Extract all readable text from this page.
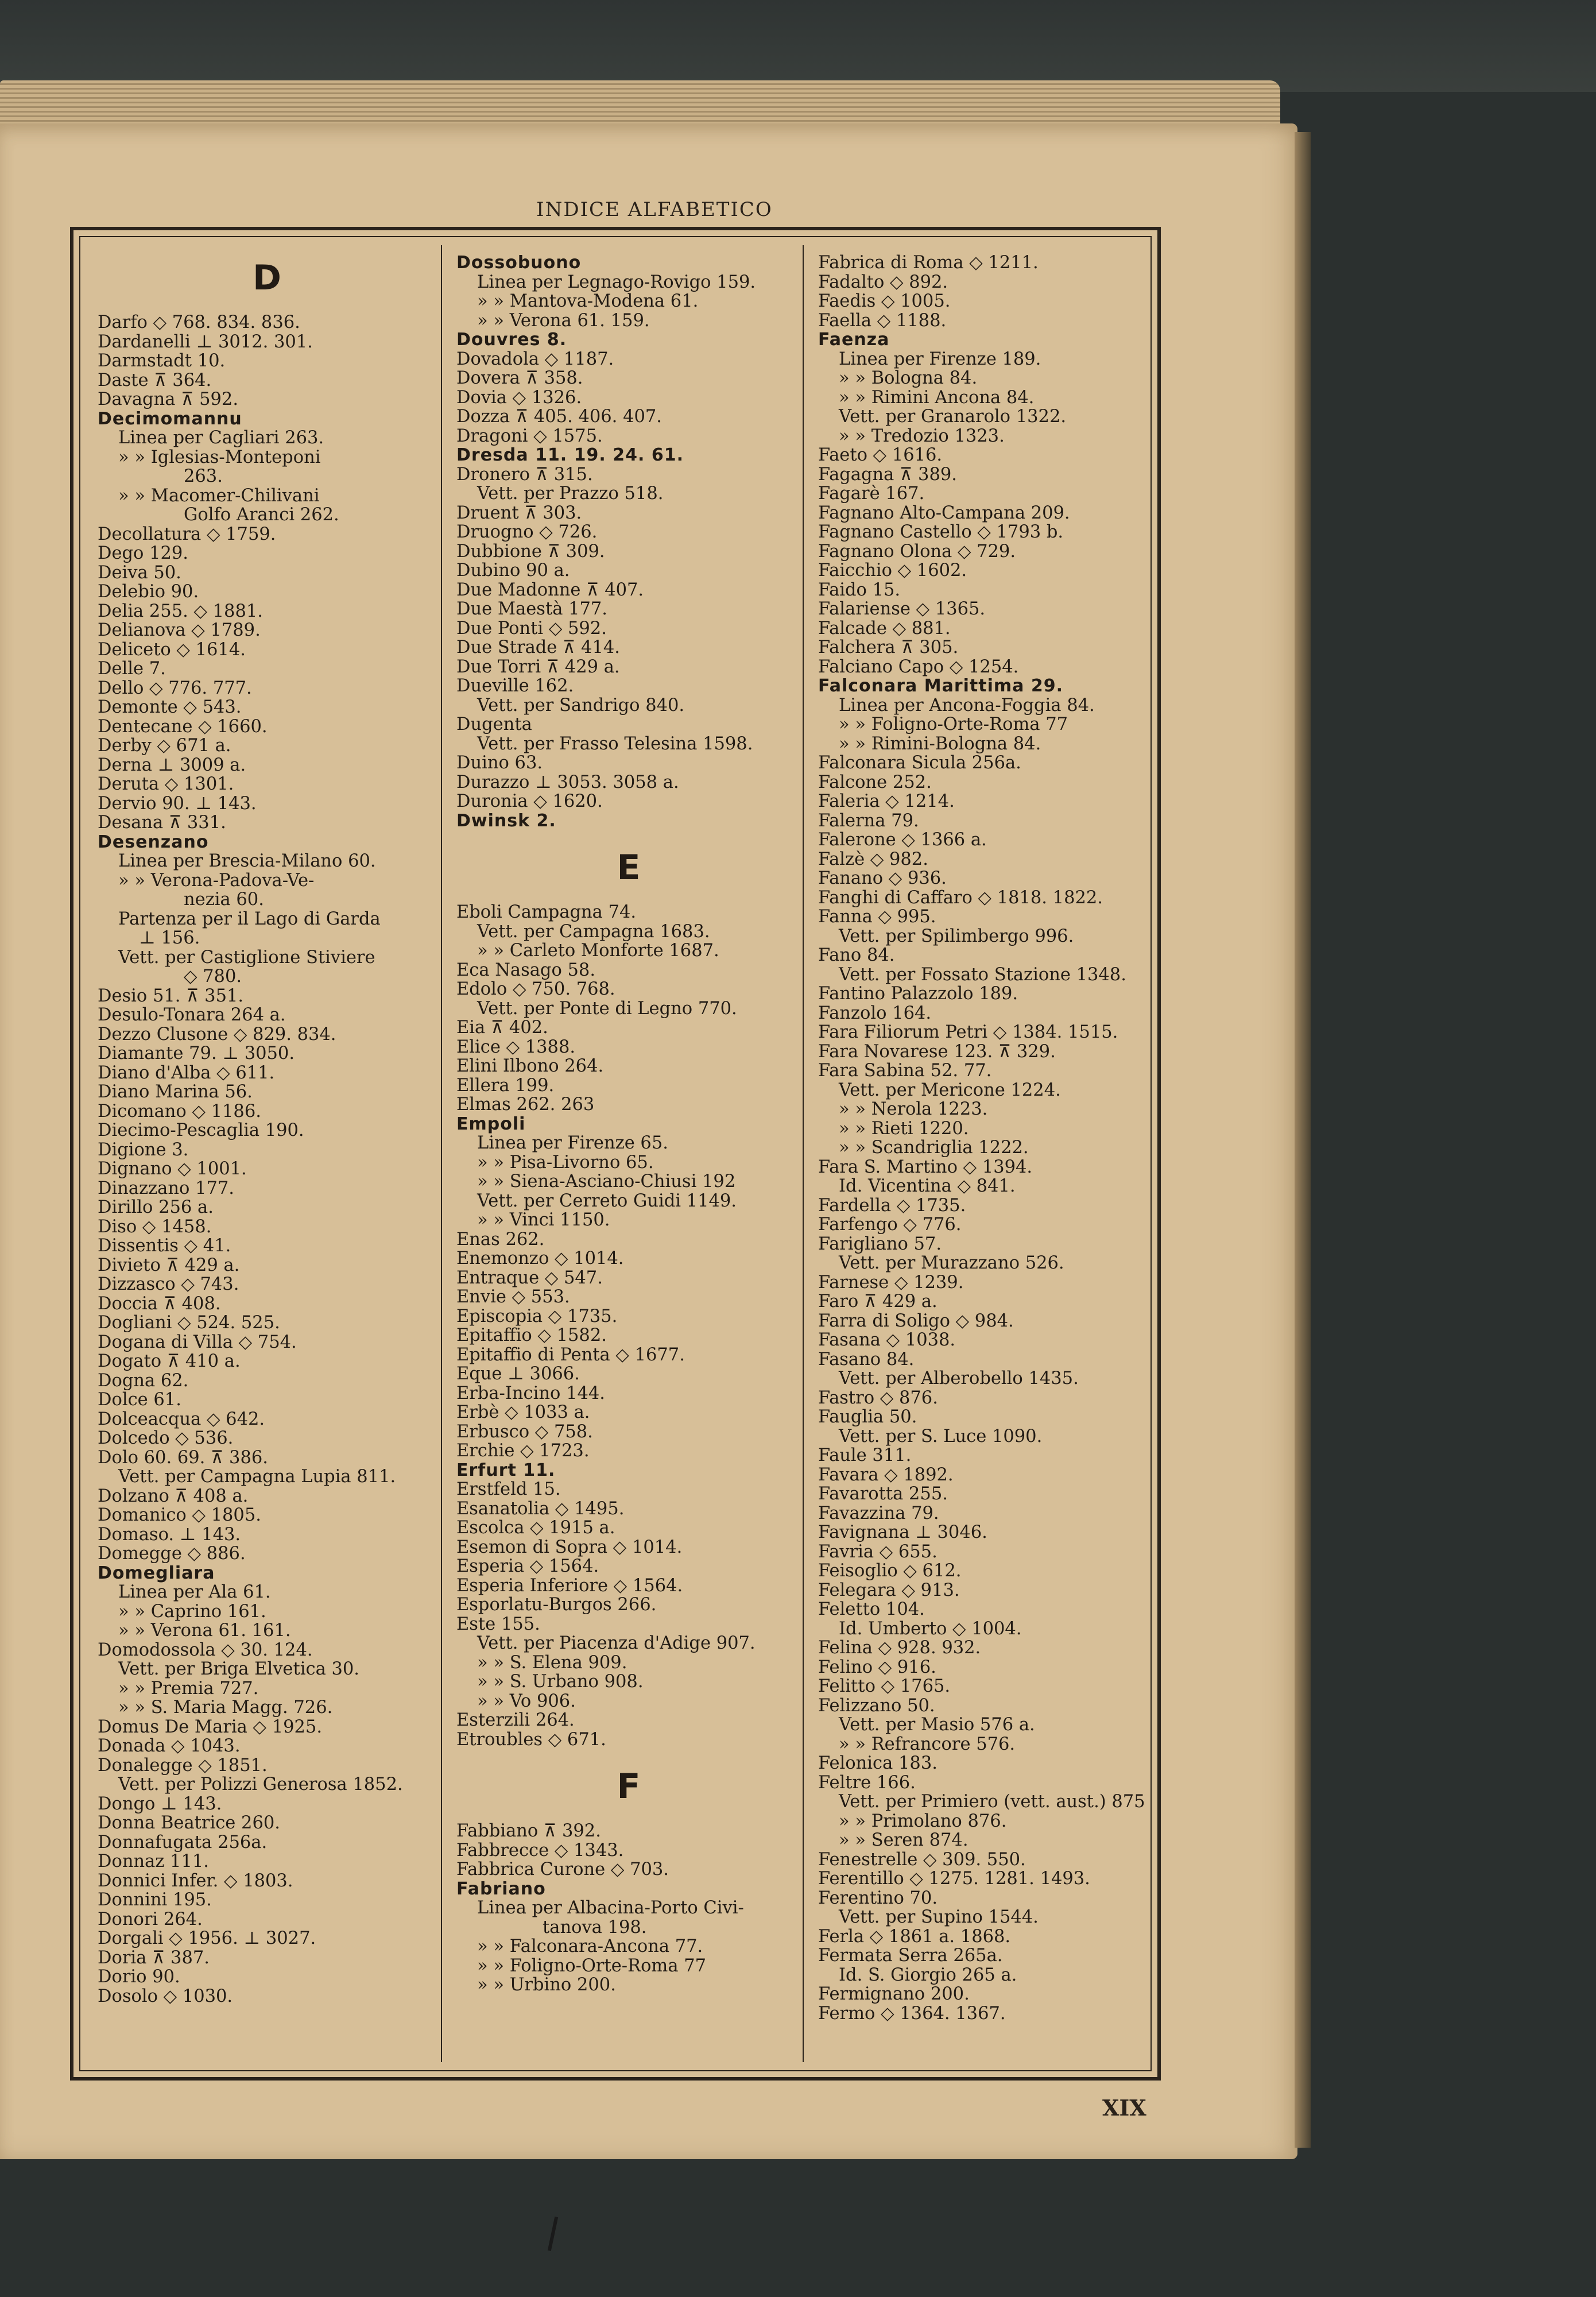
INDICE ALFABETICO
D
Darfo ◇ 768. 834. 836.
Dardanelli ⊥ 3012. 301.
Darmstadt 10.
Daste ⊼ 364.
Davagna ⊼ 592.
Decimomannu
Linea per Cagliari 263.
» » Iglesias-Monteponi
263.
» » Macomer-Chilivani
Golfo Aranci 262.
Decollatura ◇ 1759.
Dego 129.
Deiva 50.
Delebio 90.
Delia 255. ◇ 1881.
Delianova ◇ 1789.
Deliceto ◇ 1614.
Delle 7.
Dello ◇ 776. 777.
Demonte ◇ 543.
Dentecane ◇ 1660.
Derby ◇ 671 a.
Derna ⊥ 3009 a.
Deruta ◇ 1301.
Dervio 90. ⊥ 143.
Desana ⊼ 331.
Desenzano
Linea per Brescia-Milano 60.
» » Verona-Padova-Ve-
nezia 60.
Partenza per il Lago di Garda
⊥ 156.
Vett. per Castiglione Stiviere
◇ 780.
Desio 51. ⊼ 351.
Desulo-Tonara 264 a.
Dezzo Clusone ◇ 829. 834.
Diamante 79. ⊥ 3050.
Diano d'Alba ◇ 611.
Diano Marina 56.
Dicomano ◇ 1186.
Diecimo-Pescaglia 190.
Digione 3.
Dignano ◇ 1001.
Dinazzano 177.
Dirillo 256 a.
Diso ◇ 1458.
Dissentis ◇ 41.
Divieto ⊼ 429 a.
Dizzasco ◇ 743.
Doccia ⊼ 408.
Dogliani ◇ 524. 525.
Dogana di Villa ◇ 754.
Dogato ⊼ 410 a.
Dogna 62.
Dolce 61.
Dolceacqua ◇ 642.
Dolcedo ◇ 536.
Dolo 60. 69. ⊼ 386.
Vett. per Campagna Lupia 811.
Dolzano ⊼ 408 a.
Domanico ◇ 1805.
Domaso. ⊥ 143.
Domegge ◇ 886.
Domegliara
Linea per Ala 61.
» » Caprino 161.
» » Verona 61. 161.
Domodossola ◇ 30. 124.
Vett. per Briga Elvetica 30.
» » Premia 727.
» » S. Maria Magg. 726.
Domus De Maria ◇ 1925.
Donada ◇ 1043.
Donalegge ◇ 1851.
Vett. per Polizzi Generosa 1852.
Dongo ⊥ 143.
Donna Beatrice 260.
Donnafugata 256a.
Donnaz 111.
Donnici Infer. ◇ 1803.
Donnini 195.
Donori 264.
Dorgali ◇ 1956. ⊥ 3027.
Doria ⊼ 387.
Dorio 90.
Dosolo ◇ 1030.
Dossobuono
Linea per Legnago-Rovigo 159.
» » Mantova-Modena 61.
» » Verona 61. 159.
Douvres 8.
Dovadola ◇ 1187.
Dovera ⊼ 358.
Dovia ◇ 1326.
Dozza ⊼ 405. 406. 407.
Dragoni ◇ 1575.
Dresda 11. 19. 24. 61.
Dronero ⊼ 315.
Vett. per Prazzo 518.
Druent ⊼ 303.
Druogno ◇ 726.
Dubbione ⊼ 309.
Dubino 90 a.
Due Madonne ⊼ 407.
Due Maestà 177.
Due Ponti ◇ 592.
Due Strade ⊼ 414.
Due Torri ⊼ 429 a.
Dueville 162.
Vett. per Sandrigo 840.
Dugenta
Vett. per Frasso Telesina 1598.
Duino 63.
Durazzo ⊥ 3053. 3058 a.
Duronia ◇ 1620.
Dwinsk 2.
E
Eboli Campagna 74.
Vett. per Campagna 1683.
» » Carleto Monforte 1687.
Eca Nasago 58.
Edolo ◇ 750. 768.
Vett. per Ponte di Legno 770.
Eia ⊼ 402.
Elice ◇ 1388.
Elini Ilbono 264.
Ellera 199.
Elmas 262. 263
Empoli
Linea per Firenze 65.
» » Pisa-Livorno 65.
» » Siena-Asciano-Chiusi 192
Vett. per Cerreto Guidi 1149.
» » Vinci 1150.
Enas 262.
Enemonzo ◇ 1014.
Entraque ◇ 547.
Envie ◇ 553.
Episcopia ◇ 1735.
Epitaffio ◇ 1582.
Epitaffio di Penta ◇ 1677.
Eque ⊥ 3066.
Erba-Incino 144.
Erbè ◇ 1033 a.
Erbusco ◇ 758.
Erchie ◇ 1723.
Erfurt 11.
Erstfeld 15.
Esanatolia ◇ 1495.
Escolca ◇ 1915 a.
Esemon di Sopra ◇ 1014.
Esperia ◇ 1564.
Esperia Inferiore ◇ 1564.
Esporlatu-Burgos 266.
Este 155.
Vett. per Piacenza d'Adige 907.
» » S. Elena 909.
» » S. Urbano 908.
» » Vo 906.
Esterzili 264.
Etroubles ◇ 671.
F
Fabbiano ⊼ 392.
Fabbrecce ◇ 1343.
Fabbrica Curone ◇ 703.
Fabriano
Linea per Albacina-Porto Civi-
tanova 198.
» » Falconara-Ancona 77.
» » Foligno-Orte-Roma 77
» » Urbino 200.
Fabrica di Roma ◇ 1211.
Fadalto ◇ 892.
Faedis ◇ 1005.
Faella ◇ 1188.
Faenza
Linea per Firenze 189.
» » Bologna 84.
» » Rimini Ancona 84.
Vett. per Granarolo 1322.
» » Tredozio 1323.
Faeto ◇ 1616.
Fagagna ⊼ 389.
Fagarè 167.
Fagnano Alto-Campana 209.
Fagnano Castello ◇ 1793 b.
Fagnano Olona ◇ 729.
Faicchio ◇ 1602.
Faido 15.
Falariense ◇ 1365.
Falcade ◇ 881.
Falchera ⊼ 305.
Falciano Capo ◇ 1254.
Falconara Marittima 29.
Linea per Ancona-Foggia 84.
» » Foligno-Orte-Roma 77
» » Rimini-Bologna 84.
Falconara Sicula 256a.
Falcone 252.
Faleria ◇ 1214.
Falerna 79.
Falerone ◇ 1366 a.
Falzè ◇ 982.
Fanano ◇ 936.
Fanghi di Caffaro ◇ 1818. 1822.
Fanna ◇ 995.
Vett. per Spilimbergo 996.
Fano 84.
Vett. per Fossato Stazione 1348.
Fantino Palazzolo 189.
Fanzolo 164.
Fara Filiorum Petri ◇ 1384. 1515.
Fara Novarese 123. ⊼ 329.
Fara Sabina 52. 77.
Vett. per Mericone 1224.
» » Nerola 1223.
» » Rieti 1220.
» » Scandriglia 1222.
Fara S. Martino ◇ 1394.
Id. Vicentina ◇ 841.
Fardella ◇ 1735.
Farfengo ◇ 776.
Farigliano 57.
Vett. per Murazzano 526.
Farnese ◇ 1239.
Faro ⊼ 429 a.
Farra di Soligo ◇ 984.
Fasana ◇ 1038.
Fasano 84.
Vett. per Alberobello 1435.
Fastro ◇ 876.
Fauglia 50.
Vett. per S. Luce 1090.
Faule 311.
Favara ◇ 1892.
Favarotta 255.
Favazzina 79.
Favignana ⊥ 3046.
Favria ◇ 655.
Feisoglio ◇ 612.
Felegara ◇ 913.
Feletto 104.
Id. Umberto ◇ 1004.
Felina ◇ 928. 932.
Felino ◇ 916.
Felitto ◇ 1765.
Felizzano 50.
Vett. per Masio 576 a.
» » Refrancore 576.
Felonica 183.
Feltre 166.
Vett. per Primiero (vett. aust.) 875
» » Primolano 876.
» » Seren 874.
Fenestrelle ◇ 309. 550.
Ferentillo ◇ 1275. 1281. 1493.
Ferentino 70.
Vett. per Supino 1544.
Ferla ◇ 1861 a. 1868.
Fermata Serra 265a.
Id. S. Giorgio 265 a.
Fermignano 200.
Fermo ◇ 1364. 1367.
XIX
